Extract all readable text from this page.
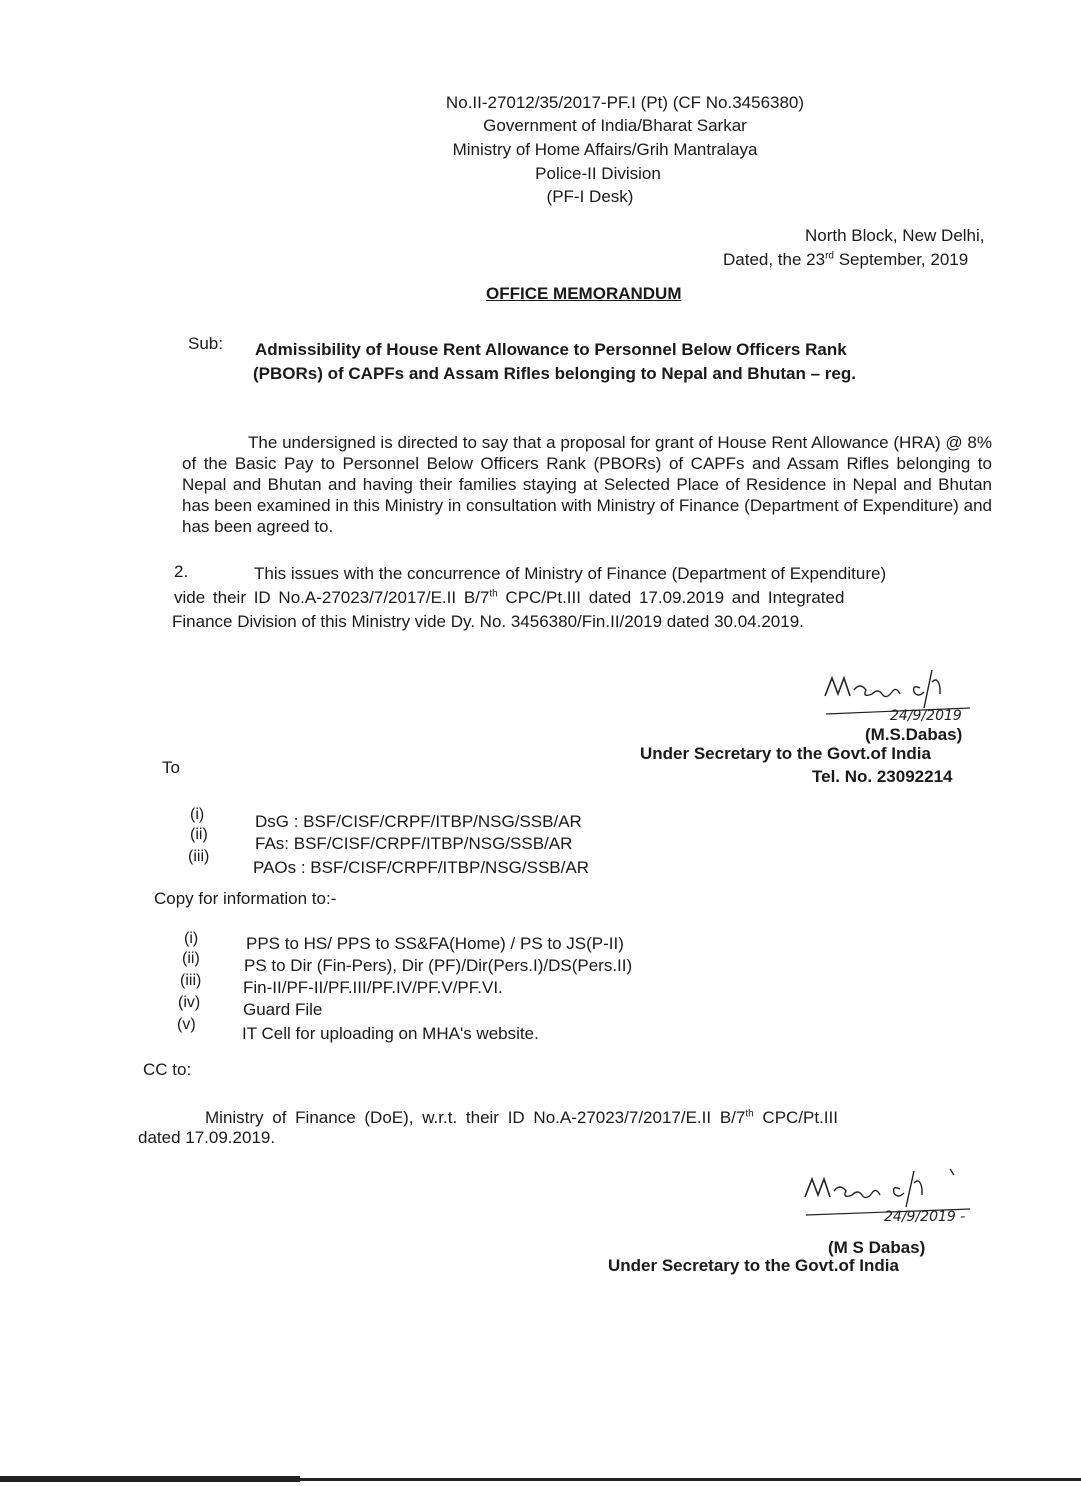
No.II-27012/35/2017-PF.I (Pt) (CF No.3456380)
Government of India/Bharat Sarkar
Ministry of Home Affairs/Grih Mantralaya
Police-II Division
(PF-I Desk)
North Block, New Delhi,
Dated, the 23rd September, 2019
OFFICE MEMORANDUM
Sub: Admissibility of House Rent Allowance to Personnel Below Officers Rank
(PBORs) of CAPFs and Assam Rifles belonging to Nepal and Bhutan – reg.
The undersigned is directed to say that a proposal for grant of House Rent Allowance (HRA) @ 8% of the Basic Pay to Personnel Below Officers Rank (PBORs) of CAPFs and Assam Rifles belonging to Nepal and Bhutan and having their families staying at Selected Place of Residence in Nepal and Bhutan has been examined in this Ministry in consultation with Ministry of Finance (Department of Expenditure) and has been agreed to.
2.	This issues with the concurrence of Ministry of Finance (Department of Expenditure)
vide their ID No.A-27023/7/2017/E.II B/7th CPC/Pt.III dated 17.09.2019 and Integrated
Finance Division of this Ministry vide Dy. No. 3456380/Fin.II/2019 dated 30.04.2019.
24/9/2019
(M.S.Dabas)
Under Secretary to the Govt.of India
Tel. No. 23092214
To
(i)	DsG : BSF/CISF/CRPF/ITBP/NSG/SSB/AR
(ii)	FAs: BSF/CISF/CRPF/ITBP/NSG/SSB/AR
(iii)
PAOs : BSF/CISF/CRPF/ITBP/NSG/SSB/AR
Copy for information to:-
(i)	PPS to HS/ PPS to SS&FA(Home) / PS to JS(P-II)
(ii)	PS to Dir (Fin-Pers), Dir (PF)/Dir(Pers.I)/DS(Pers.II)
(iii) Fin-II/PF-II/PF.III/PF.IV/PF.V/PF.VI.
(iv)	Guard File
(v)	IT Cell for uploading on MHA's website.
CC to:
Ministry of Finance (DoE), w.r.t. their ID No.A-27023/7/2017/E.II B/7th CPC/Pt.III
dated 17.09.2019.
24/9/2019 -
(M S Dabas)
Under Secretary to the Govt.of India
